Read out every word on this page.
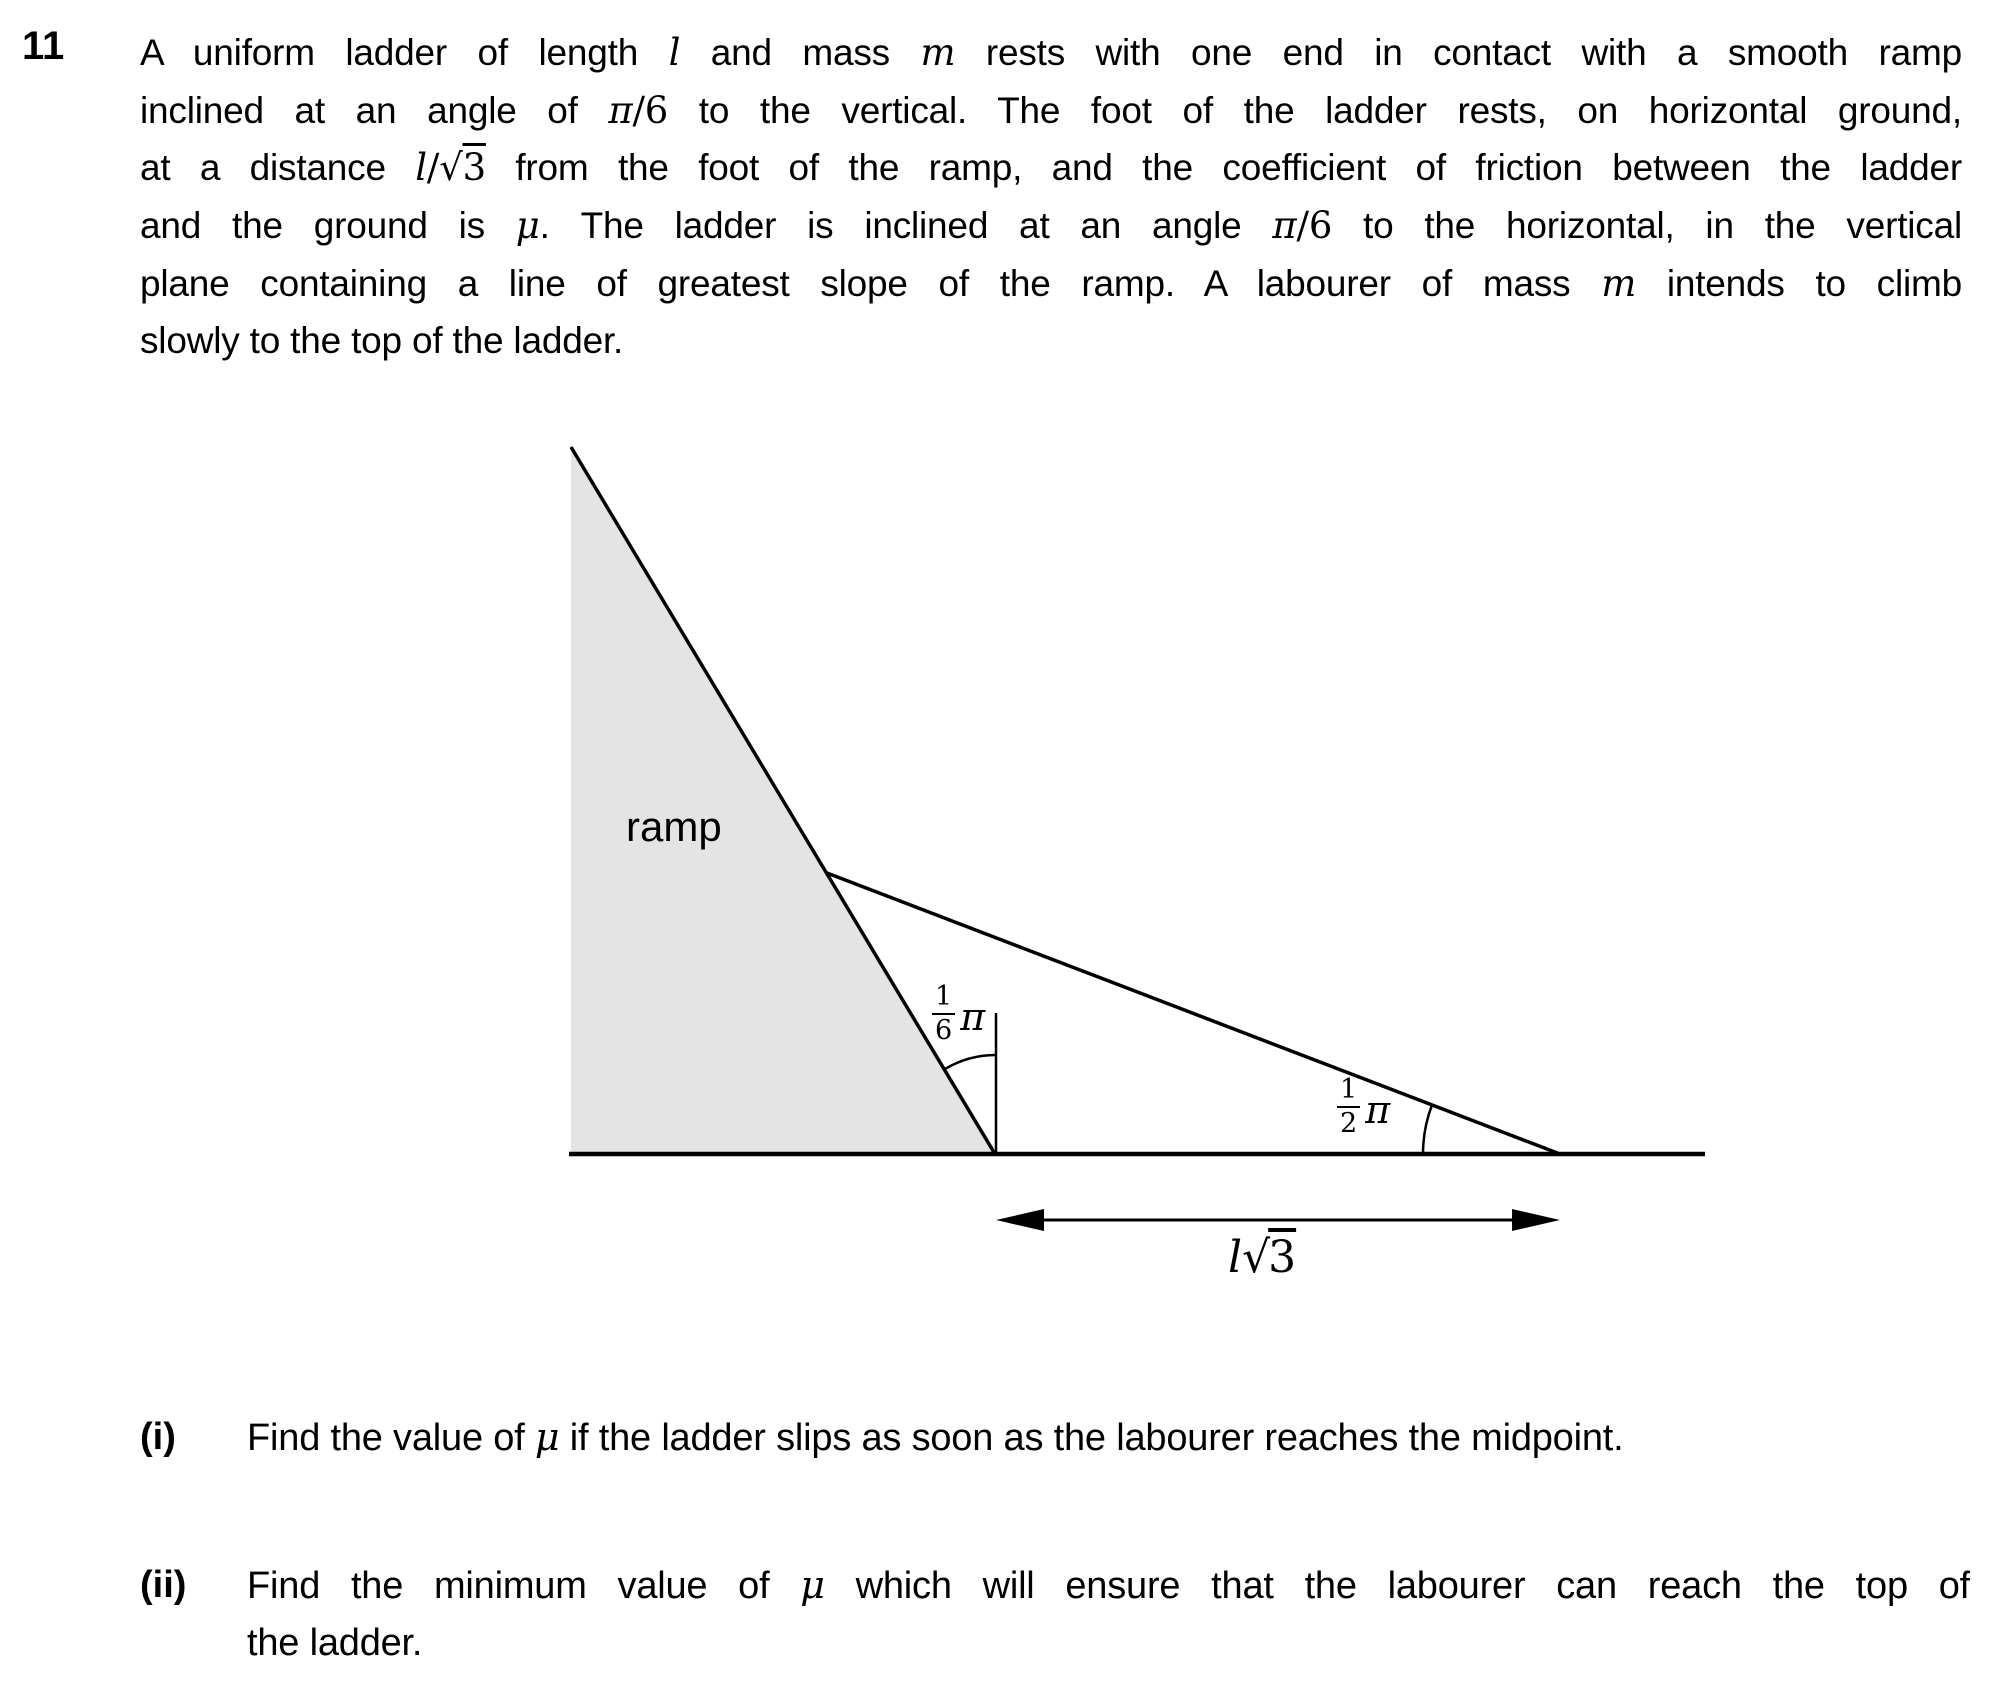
11 A uniform ladder of length l and mass m rests with one end in contact with a smooth ramp
inclined at an angle of π/6 to the vertical. The foot of the ladder rests, on horizontal ground,
at a distance l/√3 from the foot of the ramp, and the coefficient of friction between the ladder
and the ground is μ. The ladder is inclined at an angle π/6 to the horizontal, in the vertical
plane containing a line of greatest slope of the ramp. A labourer of mass m intends to climb
slowly to the top of the ladder.
ramp
$\frac{1}{6}$ π
$\frac{1}{2}$ π
l√3
(i) Find the value of μ if the ladder slips as soon as the labourer reaches the midpoint.
(ii) Find the minimum value of μ which will ensure that the labourer can reach the top of
the ladder.
